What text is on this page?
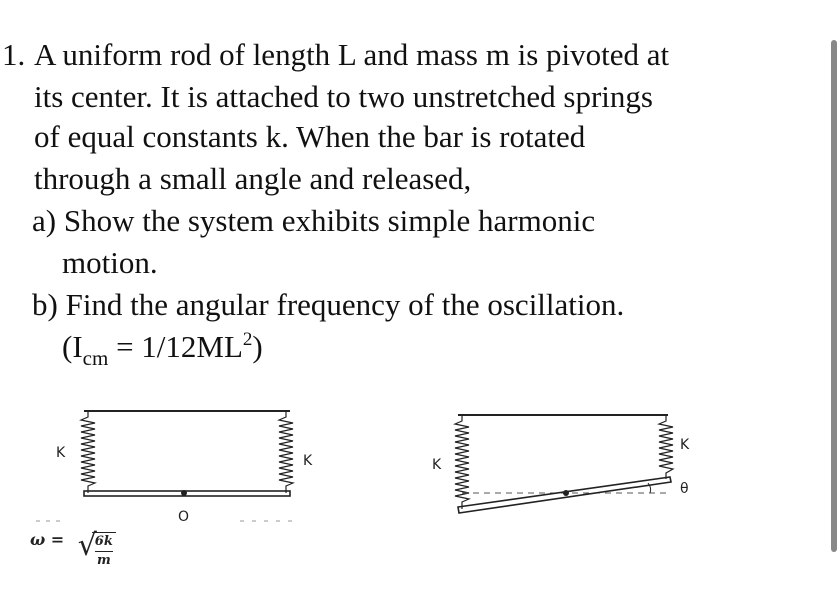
1. A uniform rod of length L and mass m is pivoted at
its center. It is attached to two unstretched springs
of equal constants k. When the bar is rotated
through a small angle and released,
a) Show the system exhibits simple harmonic
motion.
b) Find the angular frequency of the oscillation.
$(I_{cm} = 1/12ML^2)$
K	K
O
K
K
θ
ω = √
$\frac{6k}{m}$
